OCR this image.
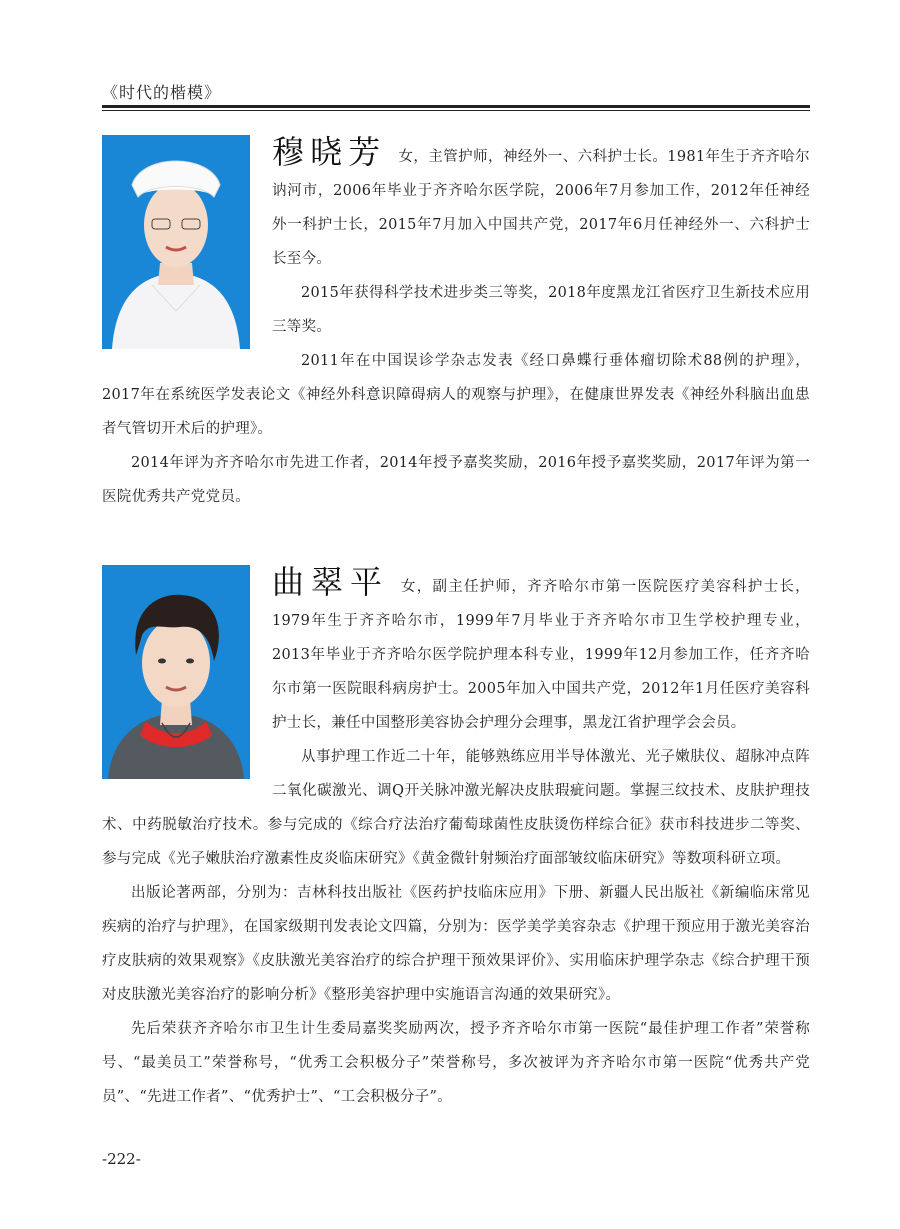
《时代的楷模》

穆晓芳 女，主管护师，神经外一、六科护士长。1981年生于齐齐哈尔讷河市，2006年毕业于齐齐哈尔医学院，2006年7月参加工作，2012年任神经外一科护士长，2015年7月加入中国共产党，2017年6月任神经外一、六科护士长至今。

2015年获得科学技术进步类三等奖，2018年度黑龙江省医疗卫生新技术应用三等奖。

2011年在中国误诊学杂志发表《经口鼻蝶行垂体瘤切除术88例的护理》，2017年在系统医学发表论文《神经外科意识障碍病人的观察与护理》，在健康世界发表《神经外科脑出血患者气管切开术后的护理》。

2014年评为齐齐哈尔市先进工作者，2014年授予嘉奖奖励，2016年授予嘉奖奖励，2017年评为第一医院优秀共产党党员。

曲翠平 女，副主任护师，齐齐哈尔市第一医院医疗美容科护士长，1979年生于齐齐哈尔市，1999年7月毕业于齐齐哈尔市卫生学校护理专业，2013年毕业于齐齐哈尔医学院护理本科专业，1999年12月参加工作，任齐齐哈尔市第一医院眼科病房护士。2005年加入中国共产党，2012年1月任医疗美容科护士长，兼任中国整形美容协会护理分会理事，黑龙江省护理学会会员。

从事护理工作近二十年，能够熟练应用半导体激光、光子嫩肤仪、超脉冲点阵二氧化碳激光、调Q开关脉冲激光解决皮肤瑕疵问题。掌握三纹技术、皮肤护理技术、中药脱敏治疗技术。参与完成的《综合疗法治疗葡萄球菌性皮肤烫伤样综合征》获市科技进步二等奖、参与完成《光子嫩肤治疗激素性皮炎临床研究》《黄金微针射频治疗面部皱纹临床研究》等数项科研立项。

出版论著两部，分别为：吉林科技出版社《医药护技临床应用》下册、新疆人民出版社《新编临床常见疾病的治疗与护理》，在国家级期刊发表论文四篇，分别为：医学美学美容杂志《护理干预应用于激光美容治疗皮肤病的效果观察》《皮肤激光美容治疗的综合护理干预效果评价》、实用临床护理学杂志《综合护理干预对皮肤激光美容治疗的影响分析》《整形美容护理中实施语言沟通的效果研究》。

先后荣获齐齐哈尔市卫生计生委局嘉奖奖励两次，授予齐齐哈尔市第一医院“最佳护理工作者”荣誉称号、“最美员工”荣誉称号，“优秀工会积极分子”荣誉称号，多次被评为齐齐哈尔市第一医院“优秀共产党员”、“先进工作者”、“优秀护士”、“工会积极分子”。

-222-
